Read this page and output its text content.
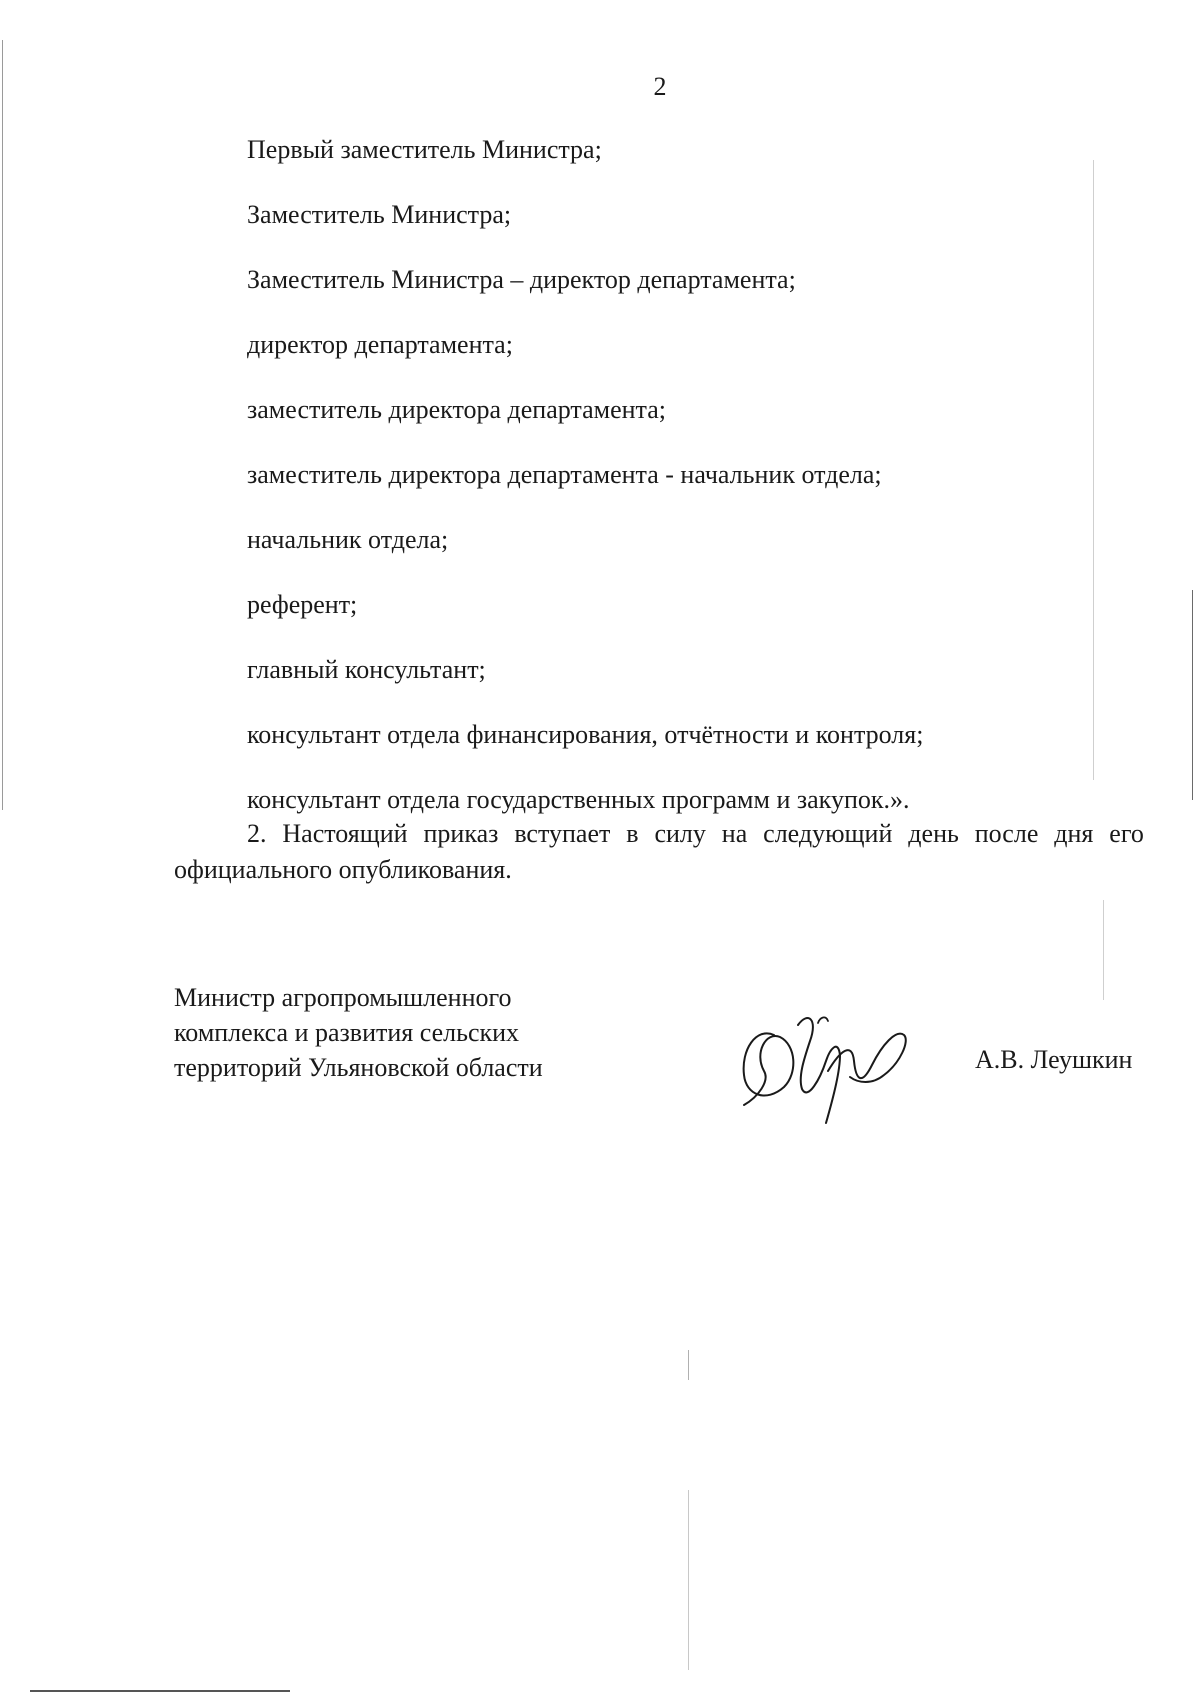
2
Первый заместитель Министра;
Заместитель Министра;
Заместитель Министра – директор департамента;
директор департамента;
заместитель директора департамента;
заместитель директора департамента - начальник отдела;
начальник отдела;
референт;
главный консультант;
консультант отдела финансирования, отчётности и контроля;
консультант отдела государственных программ и закупок.».
2. Настоящий приказ вступает в силу на следующий день после дня его
официального опубликования.
Министр агропромышленного
комплекса и развития сельских
территорий Ульяновской области	А.В. Леушкин
